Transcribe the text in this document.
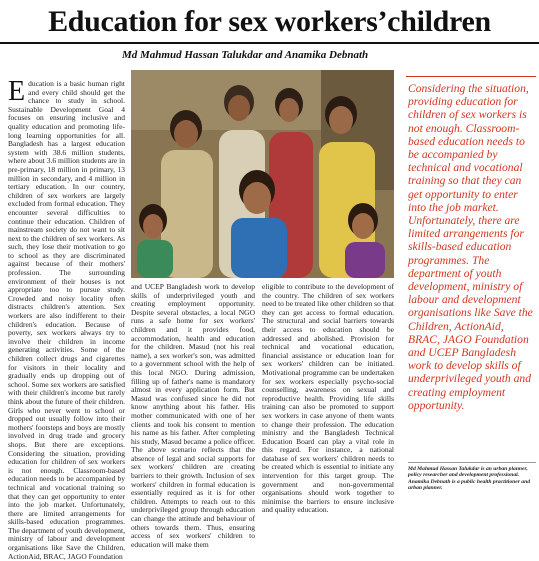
Education for sex workers’children
Md Mahmud Hassan Talukdar and Anamika Debnath
Education is a basic human right and every child should get the chance to study in school. Sustainable Development Goal 4 focuses on ensuring inclusive and quality education and promoting life-long learning opportunities for all. Bangladesh has a largest education system with 38.6 million students, where about 3.6 million students are in pre-primary, 18 million in primary, 13 million in secondary, and 4 million in tertiary education. In our country, children of sex workers are largely excluded from formal education. They encounter several difficulties to continue their education. Children of mainstream society do not want to sit next to the children of sex workers. As such, they lose their motivation to go to school as they are discriminated against because of their mothers' profession. The surrounding environment of their houses is not appropriate too to pursue study. Crowded and noisy locality often distracts children's attention. Sex workers are also indifferent to their children's education. Because of poverty, sex workers always try to involve their children in income generating activities. Some of the children collect drugs and cigarettes for visitors in their locality and gradually ends up dropping out of school. Some sex workers are satisfied with their children's income but rarely think about the future of their children. Girls who never went to school or dropped out usually follow into their mothers' footsteps and boys are mostly involved in drug trade and grocery shops. But there are exceptions. Considering the situation, providing education for children of sex workers is not enough. Classroom-based education needs to be accompanied by technical and vocational training so that they can get opportunity to enter into the job market. Unfortunately, there are limited arrangements for skills-based education programmes. The department of youth development, ministry of labour and development organisations like Save the Children, ActionAid, BRAC, JAGO Foundation
and UCEP Bangladesh work to develop skills of underprivileged youth and creating employment opportunity. Despite several obstacles, a local NGO runs a safe home for sex workers' children and it provides food, accommodation, health and education for the children. Masud (not his real name), a sex worker's son, was admitted to a government school with the help of this local NGO. During admission, filling up of father's name is mandatory almost in every application form. But Masud was confused since he did not know anything about his father. His mother communicated with one of her clients and took his consent to mention his name as his father. After completing his study, Masud became a police officer. The above scenario reflects that the absence of legal and social supports for sex workers' children are creating barriers to their growth. Inclusion of sex workers' children in formal education is essentially required as it is for other children. Attempts to reach out to this underprivileged group through education can change the attitude and behaviour of others towards them. Thus, ensuring access of sex workers' children to education will make them
eligible to contribute to the development of the country. The children of sex workers need to be treated like other children so that they can get access to formal education. The structural and social barriers towards their access to education should be addressed and abolished. Provision for technical and vocational education, financial assistance or education loan for sex workers' children can be initiated. Motivational programme can be undertaken for sex workers especially psycho-social counselling, awareness on sexual and reproductive health. Providing life skills training can also be promoted to support sex workers in case anyone of them wants to change their profession. The education ministry and the Bangladesh Technical Education Board can play a vital role in this regard. For instance, a national database of sex workers' children needs to be created which is essential to initiate any intervention for this target group. The government and non-governmental organisations should work together to minimise the barriers to ensure inclusive and quality education.
Considering the situation, providing education for children of sex workers is not enough. Classroom-based education needs to be accompanied by technical and vocational training so that they can get opportunity to enter into the job market. Unfortunately, there are limited arrangements for skills-based education programmes. The department of youth development, ministry of labour and development organisations like Save the Children, ActionAid, BRAC, JAGO Foundation and UCEP Bangladesh work to develop skills of underprivileged youth and creating employment opportunity.
Md Mahmud Hassan Talukdar is an urban planner, policy researcher and development professional. Anamika Debnath is a public health practitioner and urban planner.
